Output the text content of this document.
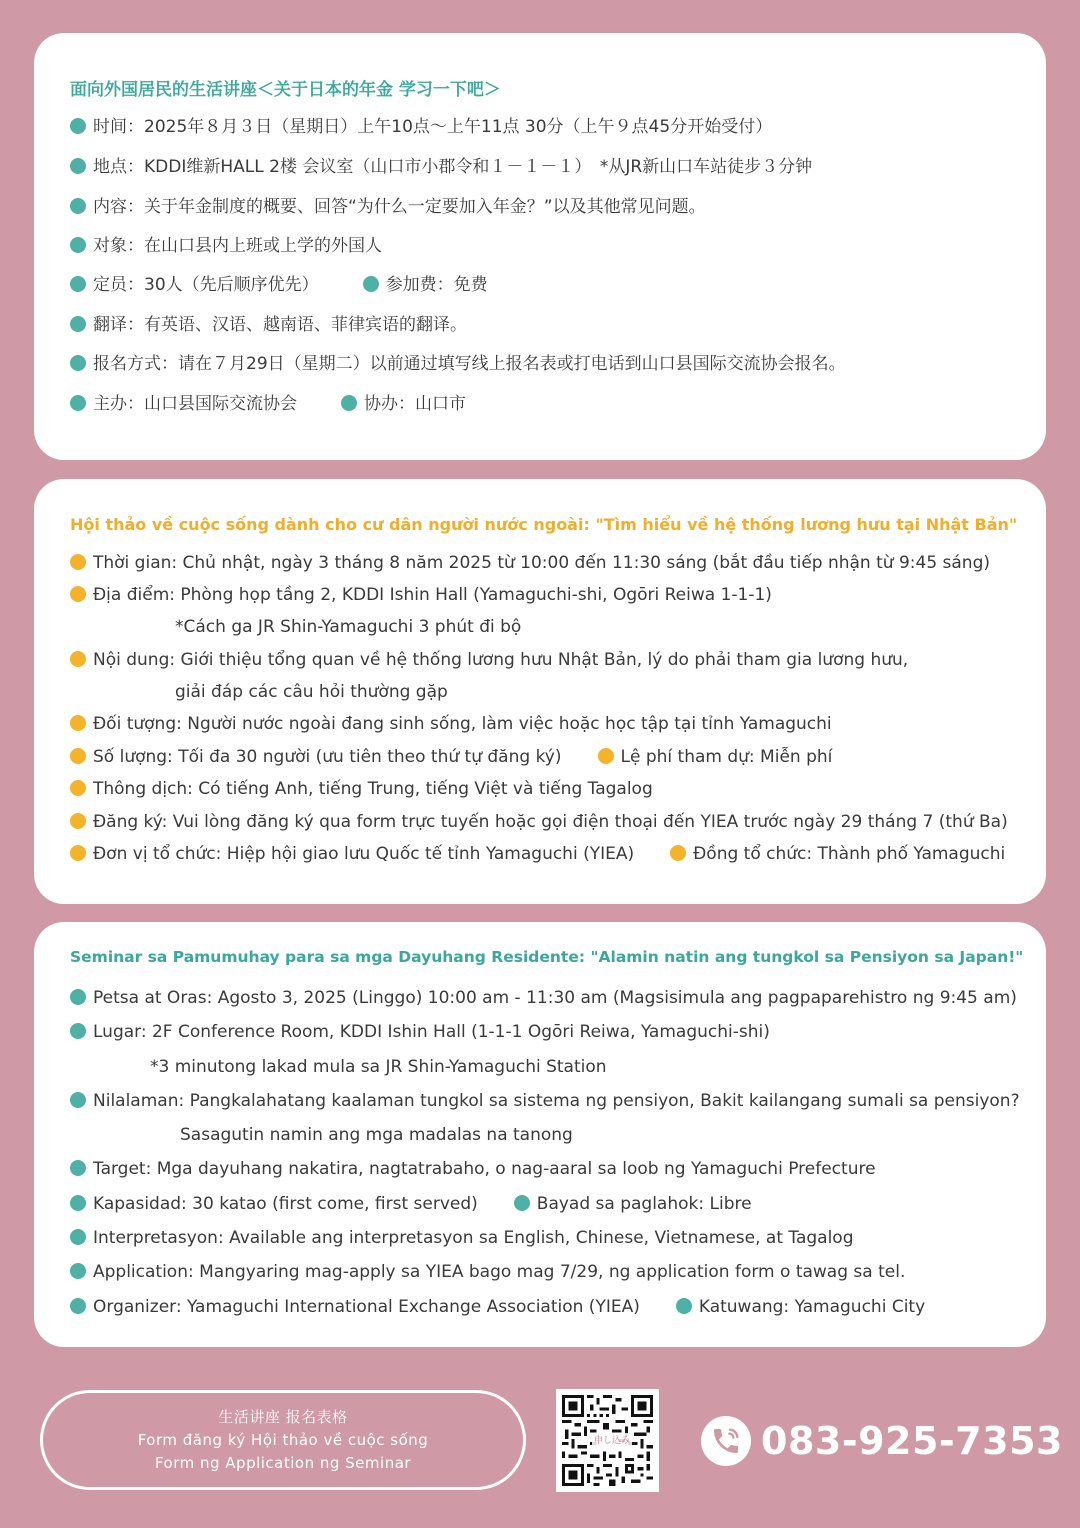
面向外国居民的生活讲座＜关于日本的年金 学习一下吧＞
时间：2025年８月３日（星期日）上午10点～上午11点 30分（上午９点45分开始受付）
地点：KDDI维新HALL 2楼 会议室（山口市小郡令和１－１－１）　*从JR新山口车站徒步３分钟
内容：关于年金制度的概要、回答“为什么一定要加入年金？”以及其他常见问题。
对象：在山口县内上班或上学的外国人
定员：30人（先后顺序优先）	参加费：免费
翻译：有英语、汉语、越南语、菲律宾语的翻译。
报名方式：请在７月29日（星期二）以前通过填写线上报名表或打电话到山口县国际交流协会报名。
主办：山口县国际交流协会	协办：山口市
Hội thảo về cuộc sống dành cho cư dân người nước ngoài: "Tìm hiểu về hệ thống lương hưu tại Nhật Bản"
Thời gian: Chủ nhật, ngày 3 tháng 8 năm 2025 từ 10:00 đến 11:30 sáng (bắt đầu tiếp nhận từ 9:45 sáng)
Địa điểm: Phòng họp tầng 2, KDDI Ishin Hall (Yamaguchi-shi, Ogōri Reiwa 1-1-1)
*Cách ga JR Shin-Yamaguchi 3 phút đi bộ
Nội dung: Giới thiệu tổng quan về hệ thống lương hưu Nhật Bản, lý do phải tham gia lương hưu,
giải đáp các câu hỏi thường gặp
Đối tượng: Người nước ngoài đang sinh sống, làm việc hoặc học tập tại tỉnh Yamaguchi
Số lượng: Tối đa 30 người (ưu tiên theo thứ tự đăng ký)	Lệ phí tham dự: Miễn phí
Thông dịch: Có tiếng Anh, tiếng Trung, tiếng Việt và tiếng Tagalog
Đăng ký: Vui lòng đăng ký qua form trực tuyến hoặc gọi điện thoại đến YIEA trước ngày 29 tháng 7 (thứ Ba)
Đơn vị tổ chức: Hiệp hội giao lưu Quốc tế tỉnh Yamaguchi (YIEA)	Đồng tổ chức: Thành phố Yamaguchi
Seminar sa Pamumuhay para sa mga Dayuhang Residente: "Alamin natin ang tungkol sa Pensiyon sa Japan!"
Petsa at Oras: Agosto 3, 2025 (Linggo) 10:00 am - 11:30 am (Magsisimula ang pagpaparehistro ng 9:45 am)
Lugar: 2F Conference Room, KDDI Ishin Hall (1-1-1 Ogōri Reiwa, Yamaguchi-shi)
*3 minutong lakad mula sa JR Shin-Yamaguchi Station
Nilalaman: Pangkalahatang kaalaman tungkol sa sistema ng pensiyon, Bakit kailangang sumali sa pensiyon?
Sasagutin namin ang mga madalas na tanong
Target: Mga dayuhang nakatira, nagtatrabaho, o nag-aaral sa loob ng Yamaguchi Prefecture
Kapasidad: 30 katao (first come, first served)	Bayad sa paglahok: Libre
Interpretasyon: Available ang interpretasyon sa English, Chinese, Vietnamese, at Tagalog
Application: Mangyaring mag-apply sa YIEA bago mag 7/29, ng application form o tawag sa tel.
Organizer: Yamaguchi International Exchange Association (YIEA)	Katuwang: Yamaguchi City
生活讲座 报名表格
Form đăng ký Hội thảo về cuộc sống
Form ng Application ng Seminar
申し込み	083-925-7353
